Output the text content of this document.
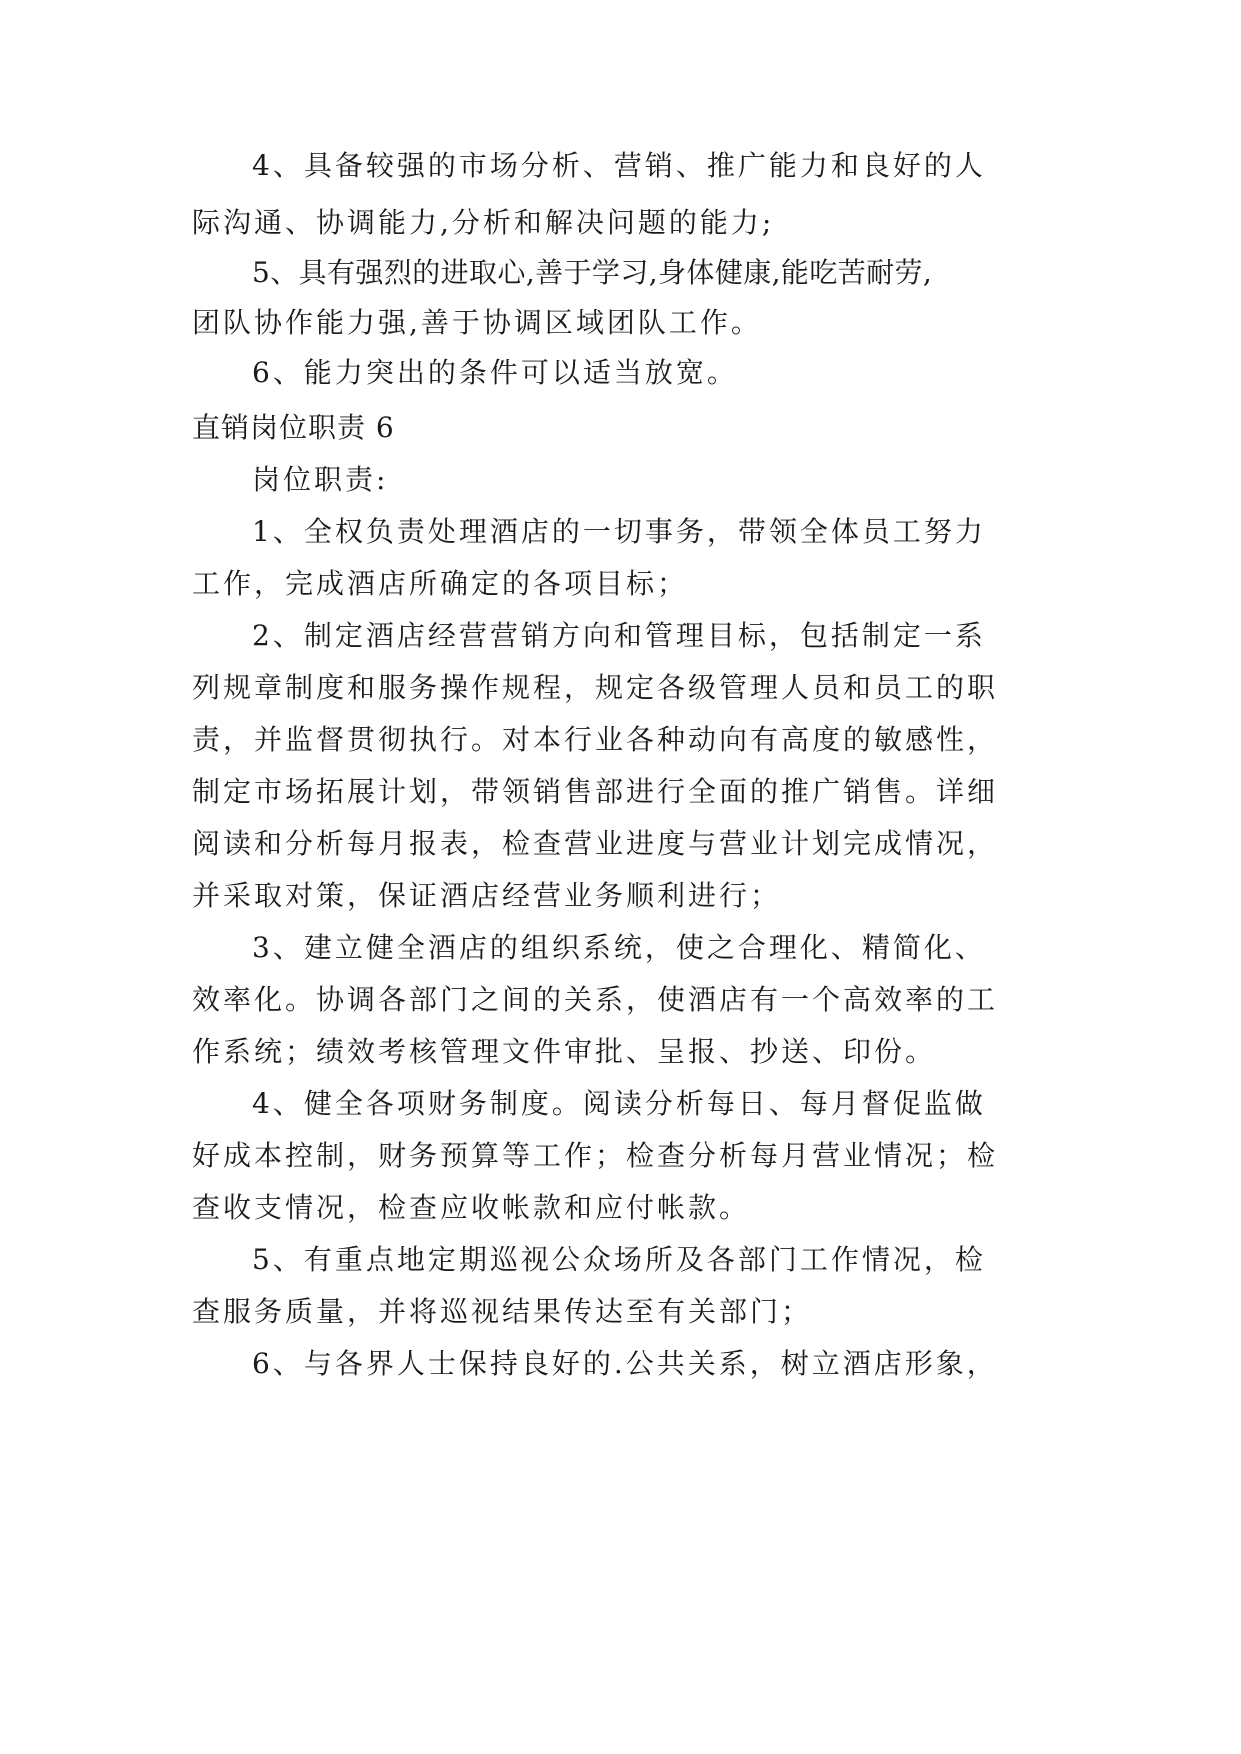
4、具备较强的市场分析、营销、推广能力和良好的人
际沟通、协调能力,分析和解决问题的能力;
5、具有强烈的进取心,善于学习,身体健康,能吃苦耐劳,
团队协作能力强,善于协调区域团队工作。
6、能力突出的条件可以适当放宽。
直销岗位职责 6
岗位职责:
1、全权负责处理酒店的一切事务，带领全体员工努力
工作，完成酒店所确定的各项目标；
2、制定酒店经营营销方向和管理目标，包括制定一系
列规章制度和服务操作规程，规定各级管理人员和员工的职
责，并监督贯彻执行。对本行业各种动向有高度的敏感性，
制定市场拓展计划，带领销售部进行全面的推广销售。详细
阅读和分析每月报表，检查营业进度与营业计划完成情况，
并采取对策，保证酒店经营业务顺利进行；
3、建立健全酒店的组织系统，使之合理化、精简化、
效率化。协调各部门之间的关系，使酒店有一个高效率的工
作系统；绩效考核管理文件审批、呈报、抄送、印份。
4、健全各项财务制度。阅读分析每日、每月督促监做
好成本控制，财务预算等工作；检查分析每月营业情况；检
查收支情况，检查应收帐款和应付帐款。
5、有重点地定期巡视公众场所及各部门工作情况，检
查服务质量，并将巡视结果传达至有关部门；
6、与各界人士保持良好的.公共关系，树立酒店形象，
